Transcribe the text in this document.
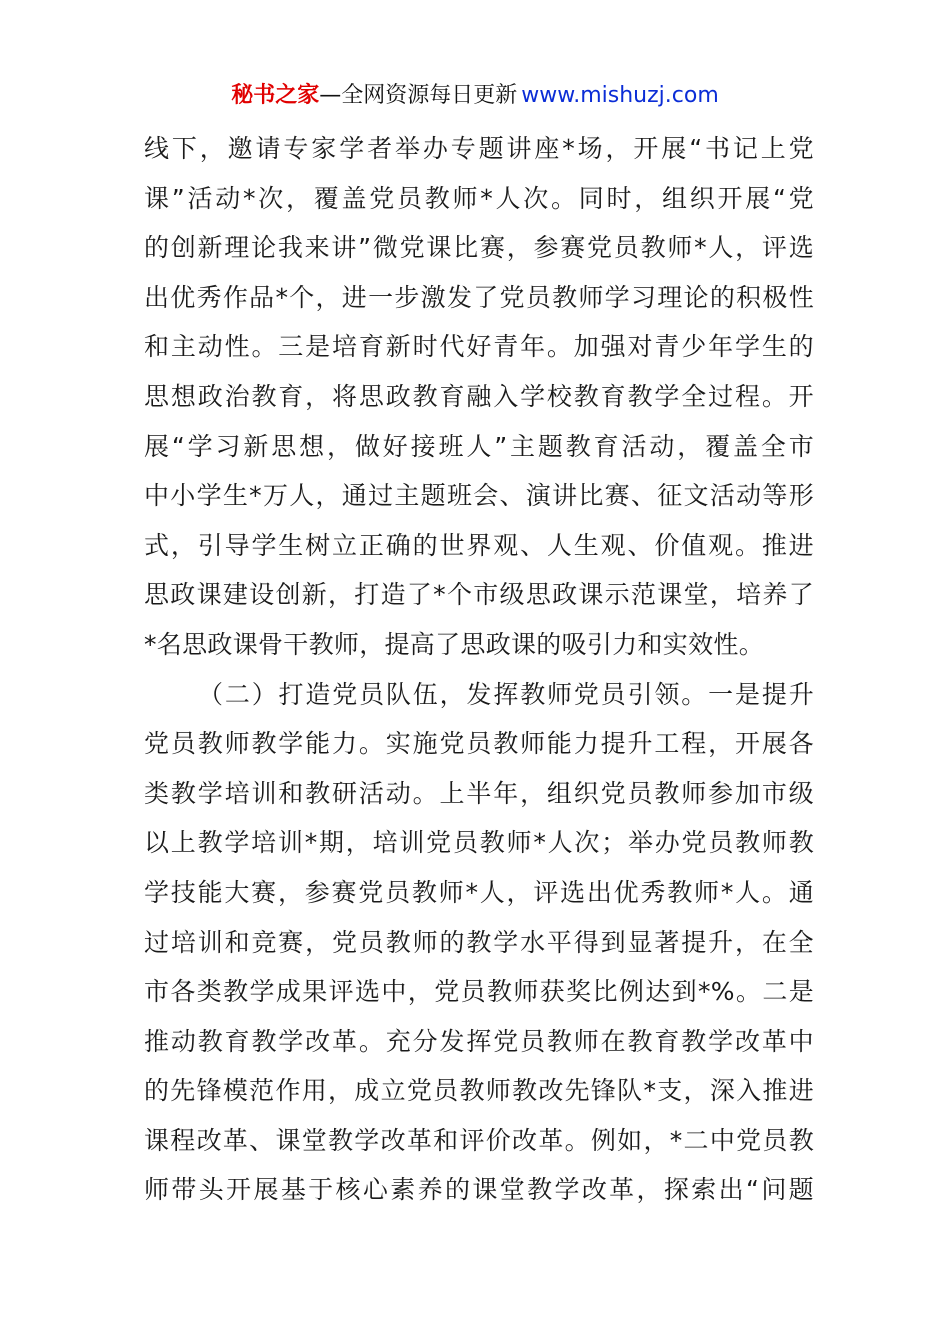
秘书之家—全网资源每日更新 www.mishuzj.com
线下，邀请专家学者举办专题讲座*场，开展“书记上党
课”活动*次，覆盖党员教师*人次。同时，组织开展“党
的创新理论我来讲”微党课比赛，参赛党员教师*人，评选
出优秀作品*个，进一步激发了党员教师学习理论的积极性
和主动性。三是培育新时代好青年。加强对青少年学生的
思想政治教育，将思政教育融入学校教育教学全过程。开
展“学习新思想，做好接班人”主题教育活动，覆盖全市
中小学生*万人，通过主题班会、演讲比赛、征文活动等形
式，引导学生树立正确的世界观、人生观、价值观。推进
思政课建设创新，打造了*个市级思政课示范课堂，培养了
*名思政课骨干教师，提高了思政课的吸引力和实效性。
（二）打造党员队伍，发挥教师党员引领。一是提升
党员教师教学能力。实施党员教师能力提升工程，开展各
类教学培训和教研活动。上半年，组织党员教师参加市级
以上教学培训*期，培训党员教师*人次；举办党员教师教
学技能大赛，参赛党员教师*人，评选出优秀教师*人。通
过培训和竞赛，党员教师的教学水平得到显著提升，在全
市各类教学成果评选中，党员教师获奖比例达到*%。二是
推动教育教学改革。充分发挥党员教师在教育教学改革中
的先锋模范作用，成立党员教师教改先锋队*支，深入推进
课程改革、课堂教学改革和评价改革。例如，*二中党员教
师带头开展基于核心素养的课堂教学改革，探索出“问题
